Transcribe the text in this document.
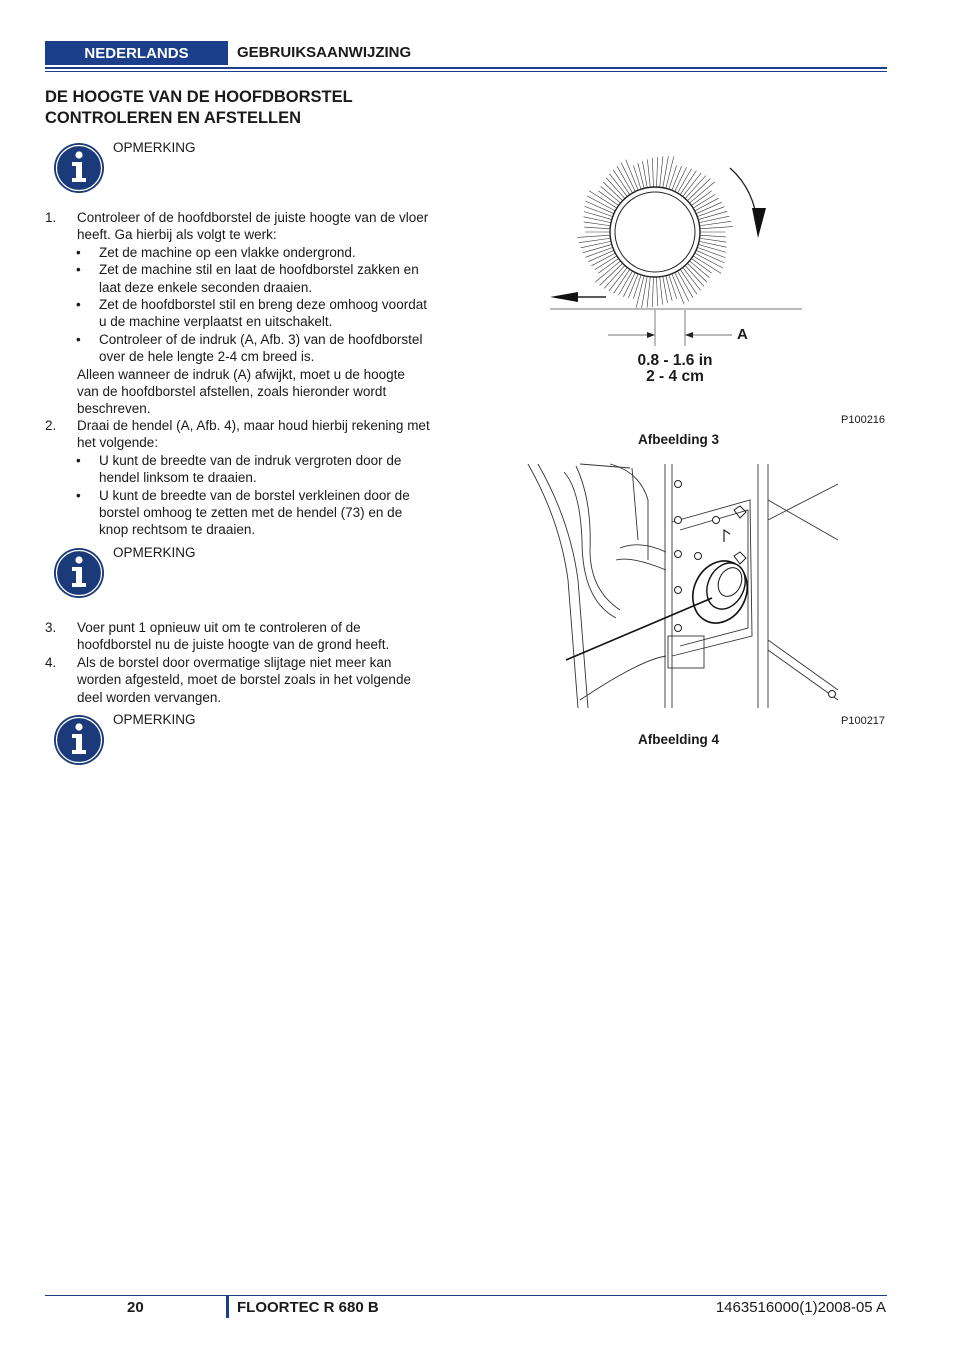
NEDERLANDS	GEBRUIKSAANWIJZING
DE HOOGTE VAN DE HOOFDBORSTEL
CONTROLEREN EN AFSTELLEN
OPMERKING
1. Controleer of de hoofdborstel de juiste hoogte van de vloer
heeft. Ga hierbij als volgt te werk:
• Zet de machine op een vlakke ondergrond.
• Zet de machine stil en laat de hoofdborstel zakken en
laat deze enkele seconden draaien.
• Zet de hoofdborstel stil en breng deze omhoog voordat
u de machine verplaatst en uitschakelt.
• Controleer of de indruk (A, Afb. 3) van de hoofdborstel
over de hele lengte 2-4 cm breed is.
Alleen wanneer de indruk (A) afwijkt, moet u de hoogte
van de hoofdborstel afstellen, zoals hieronder wordt
beschreven.
2. Draai de hendel (A, Afb. 4), maar houd hierbij rekening met
het volgende:
• U kunt de breedte van de indruk vergroten door de
hendel linksom te draaien.
• U kunt de breedte van de borstel verkleinen door de
borstel omhoog te zetten met de hendel (73) en de
knop rechtsom te draaien.
OPMERKING
3. Voer punt 1 opnieuw uit om te controleren of de
hoofdborstel nu de juiste hoogte van de grond heeft.
4. Als de borstel door overmatige slijtage niet meer kan
worden afgesteld, moet de borstel zoals in het volgende
deel worden vervangen.
OPMERKING
A
0.8 - 1.6 in
2 - 4 cm
P100216
Afbeelding 3
P100217
Afbeelding 4
20	FLOORTEC R 680 B	1463516000(1)2008-05 A
